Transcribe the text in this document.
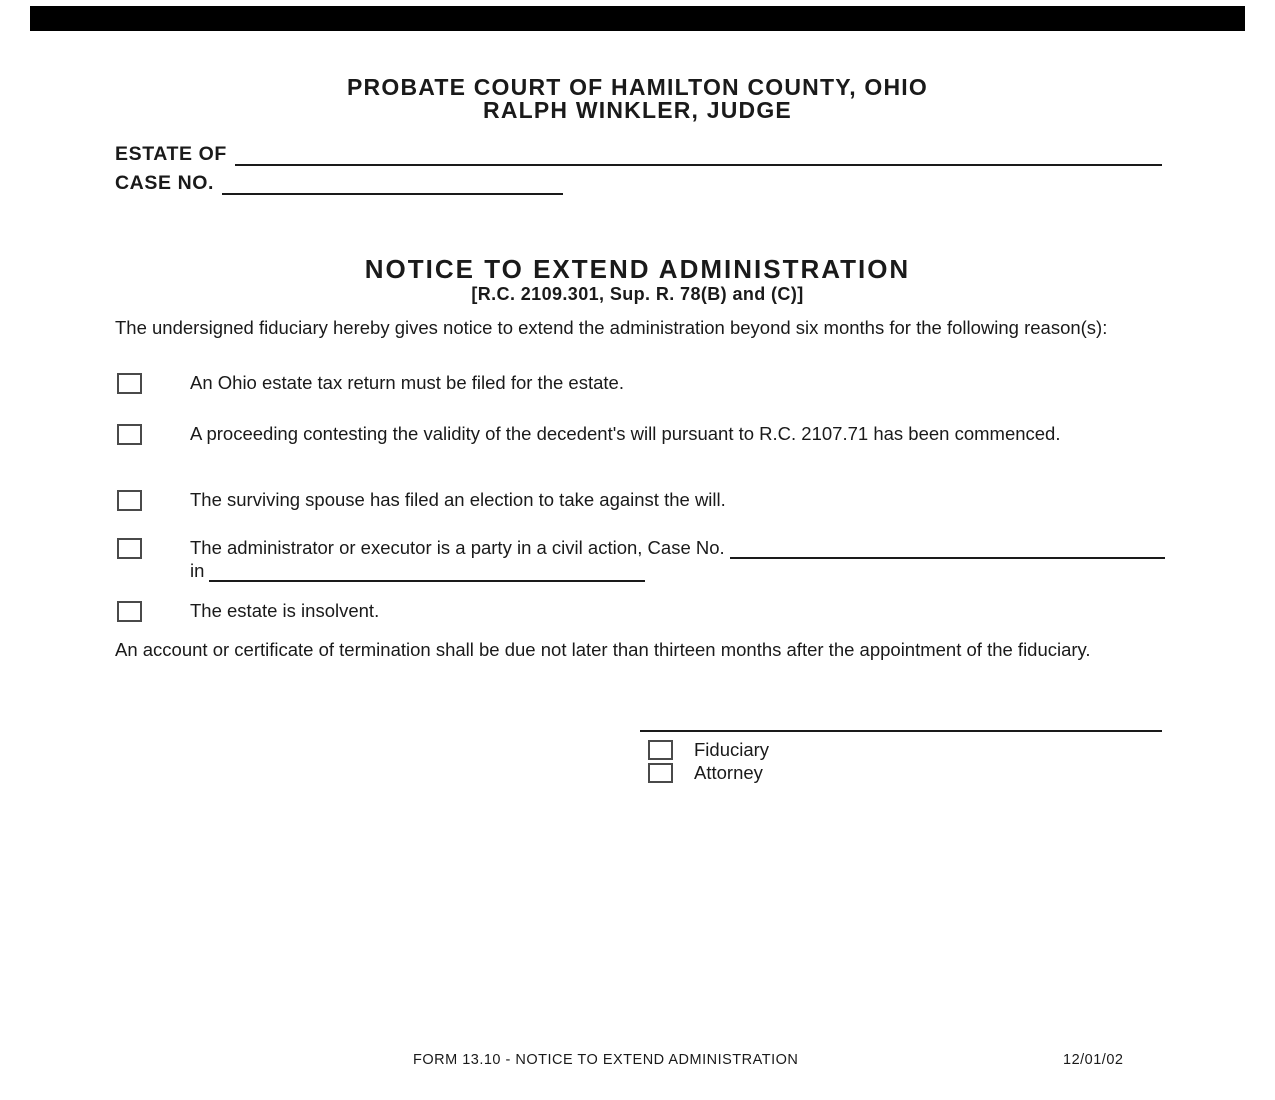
PROBATE COURT OF HAMILTON COUNTY, OHIO
RALPH WINKLER, JUDGE
ESTATE OF
CASE NO.
NOTICE TO EXTEND ADMINISTRATION
[R.C. 2109.301, Sup. R. 78(B) and (C)]
The undersigned fiduciary hereby gives notice to extend the administration beyond six months for the following reason(s):
An Ohio estate tax return must be filed for the estate.
A proceeding contesting the validity of the decedent's will pursuant to R.C. 2107.71 has been commenced.
The surviving spouse has filed an election to take against the will.
The administrator or executor is a party in a civil action, Case No.
in
The estate is insolvent.
An account or certificate of termination shall be due not later than thirteen months after the appointment of the fiduciary.
Fiduciary
Attorney
FORM 13.10 - NOTICE TO EXTEND ADMINISTRATION	12/01/02
